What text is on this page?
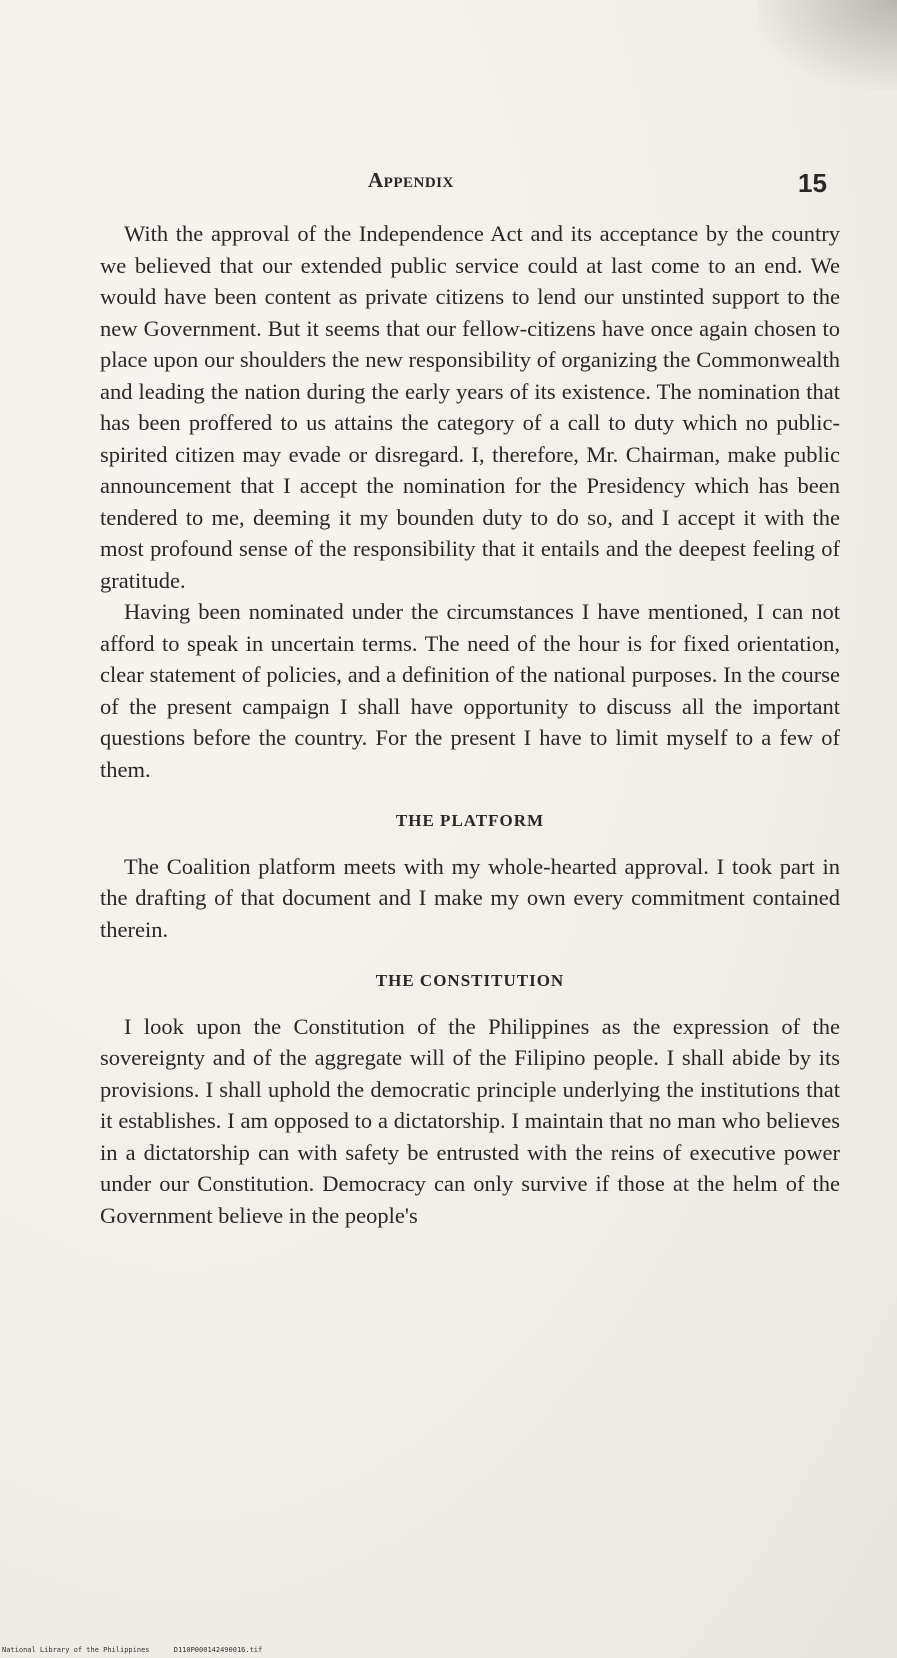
Appendix	15

With the approval of the Independence Act and its acceptance by the country we believed that our extended public service could at last come to an end. We would have been content as private citizens to lend our unstinted support to the new Government. But it seems that our fellow-citizens have once again chosen to place upon our shoulders the new responsibility of organizing the Commonwealth and leading the nation during the early years of its existence. The nomination that has been proffered to us attains the category of a call to duty which no public-spirited citizen may evade or disregard. I, therefore, Mr. Chairman, make public announcement that I accept the nomination for the Presidency which has been tendered to me, deeming it my bounden duty to do so, and I accept it with the most profound sense of the responsibility that it entails and the deepest feeling of gratitude.

Having been nominated under the circumstances I have mentioned, I can not afford to speak in uncertain terms. The need of the hour is for fixed orientation, clear statement of policies, and a definition of the national purposes. In the course of the present campaign I shall have opportunity to discuss all the important questions before the country. For the present I have to limit myself to a few of them.

THE PLATFORM

The Coalition platform meets with my whole-hearted approval. I took part in the drafting of that document and I make my own every commitment contained therein.

THE CONSTITUTION

I look upon the Constitution of the Philippines as the expression of the sovereignty and of the aggregate will of the Filipino people. I shall abide by its provisions. I shall uphold the democratic principle underlying the institutions that it establishes. I am opposed to a dictatorship. I maintain that no man who believes in a dictatorship can with safety be entrusted with the reins of executive power under our Constitution. Democracy can only survive if those at the helm of the Government believe in the people's

National Library of the Philippines	D110P000142490016.tif
